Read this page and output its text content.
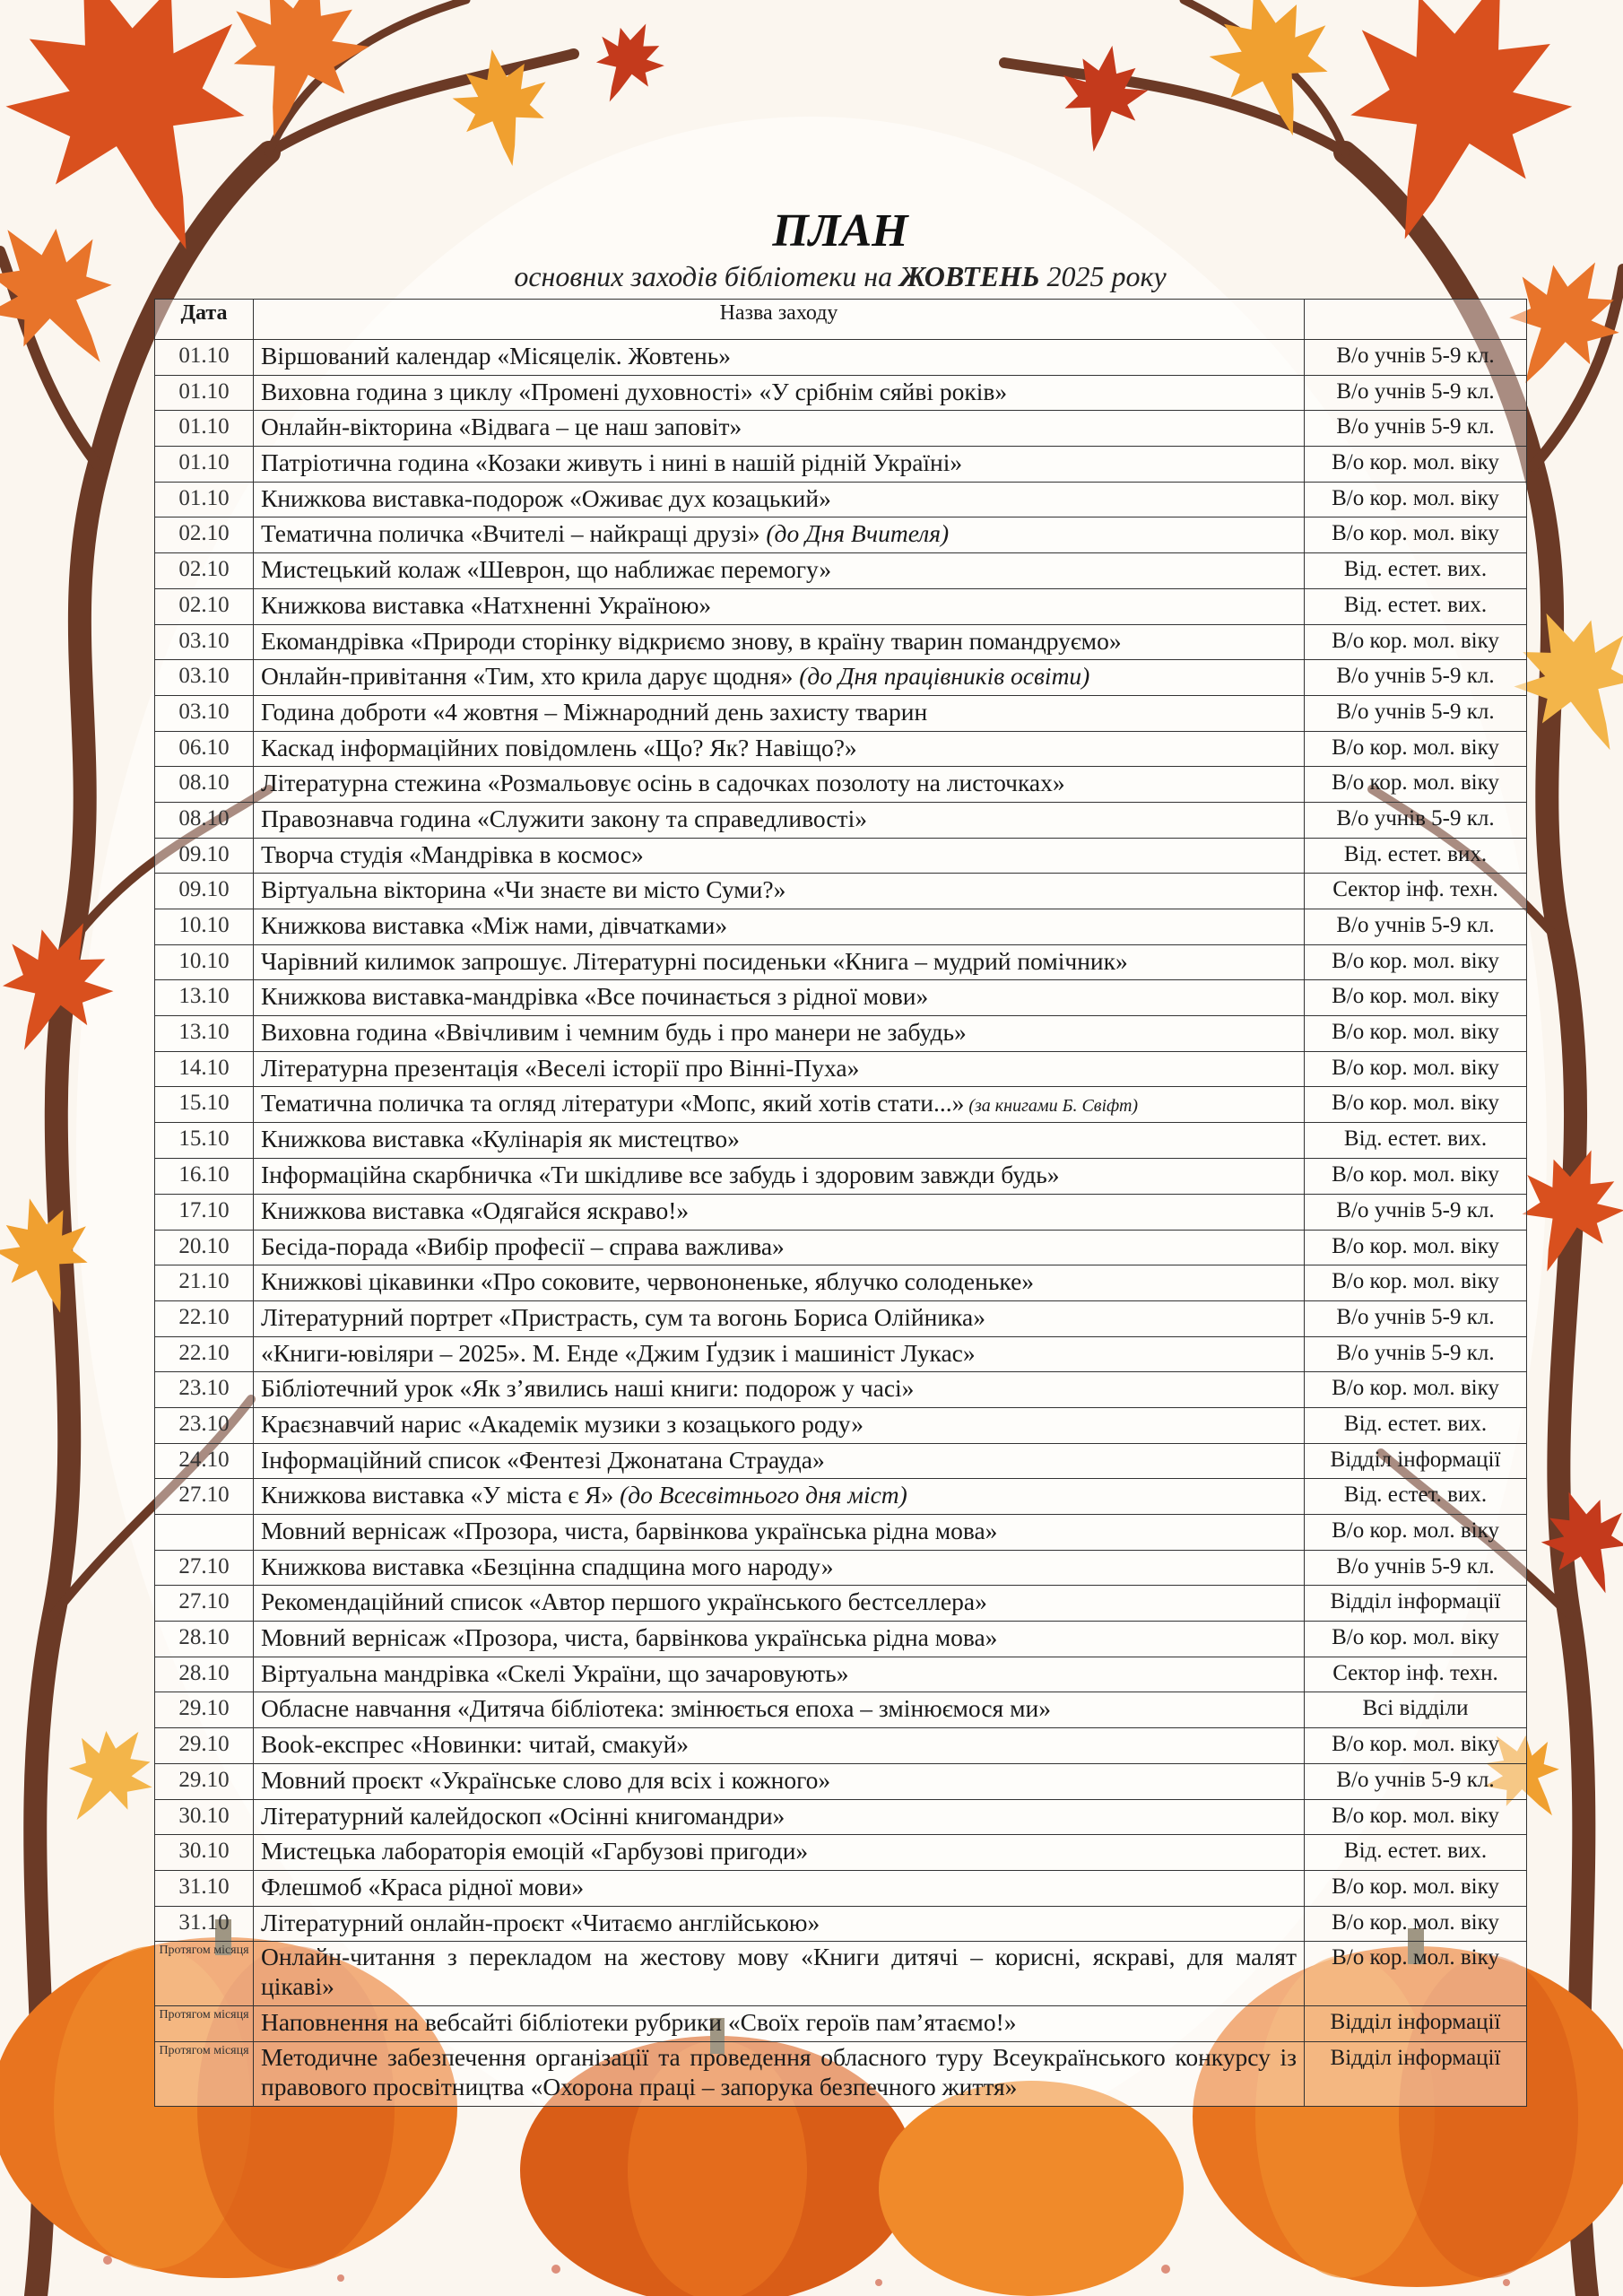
ПЛАН
основних заходів бібліотеки на ЖОВТЕНЬ 2025 року
Дата	Назва заходу	
01.10	Віршований календар «Місяцелік. Жовтень»	В/о учнів 5-9 кл.
01.10	Виховна година з циклу «Промені духовності» «У срібнім сяйві років»	В/о учнів 5-9 кл.
01.10	Онлайн-вікторина «Відвага – це наш заповіт»	В/о учнів 5-9 кл.
01.10	Патріотична година «Козаки живуть і нині в нашій рідній Україні»	В/о кор. мол. віку
01.10	Книжкова виставка-подорож «Оживає дух козацький»	В/о кор. мол. віку
02.10	Тематична поличка «Вчителі – найкращі друзі» (до Дня Вчителя)	В/о кор. мол. віку
02.10	Мистецький колаж «Шеврон, що наближає перемогу»	Від. естет. вих.
02.10	Книжкова виставка «Натхненні Україною»	Від. естет. вих.
03.10	Екомандрівка «Природи сторінку відкриємо знову, в країну тварин помандруємо»	В/о кор. мол. віку
03.10	Онлайн-привітання «Тим, хто крила дарує щодня» (до Дня працівників освіти)	В/о учнів 5-9 кл.
03.10	Година доброти «4 жовтня – Міжнародний день захисту тварин	В/о учнів 5-9 кл.
06.10	Каскад інформаційних повідомлень «Що? Як? Навіщо?»	В/о кор. мол. віку
08.10	Літературна стежина «Розмальовує осінь в садочках позолоту на листочках»	В/о кор. мол. віку
08.10	Правознавча година «Служити закону та справедливості»	В/о учнів 5-9 кл.
09.10	Творча студія «Мандрівка в космос»	Від. естет. вих.
09.10	Віртуальна вікторина «Чи знаєте ви місто Суми?»	Сектор інф. техн.
10.10	Книжкова виставка «Між нами, дівчатками»	В/о учнів 5-9 кл.
10.10	Чарівний килимок запрошує. Літературні посиденьки «Книга – мудрий помічник»	В/о кор. мол. віку
13.10	Книжкова виставка-мандрівка «Все починається з рідної мови»	В/о кор. мол. віку
13.10	Виховна година «Ввічливим і чемним будь і про манери не забудь»	В/о кор. мол. віку
14.10	Літературна презентація «Веселі історії про Вінні-Пуха»	В/о кор. мол. віку
15.10	Тематична поличка та огляд літератури «Мопс, який хотів стати...» (за книгами Б. Свіфт)	В/о кор. мол. віку
15.10	Книжкова виставка «Кулінарія як мистецтво»	Від. естет. вих.
16.10	Інформаційна скарбничка «Ти шкідливе все забудь і здоровим завжди будь»	В/о кор. мол. віку
17.10	Книжкова виставка «Одягайся яскраво!»	В/о учнів 5-9 кл.
20.10	Бесіда-порада «Вибір професії – справа важлива»	В/о кор. мол. віку
21.10	Книжкові цікавинки «Про соковите, червононеньке, яблучко солоденьке»	В/о кор. мол. віку
22.10	Літературний портрет «Пристрасть, сум та вогонь Бориса Олійника»	В/о учнів 5-9 кл.
22.10	«Книги-ювіляри – 2025». М. Енде «Джим Ґудзик і машиніст Лукас»	В/о учнів 5-9 кл.
23.10	Бібліотечний урок «Як з’явились наші книги: подорож у часі»	В/о кор. мол. віку
23.10	Краєзнавчий нарис «Академік музики з козацького роду»	Від. естет. вих.
24.10	Інформаційний список «Фентезі Джонатана Страуда»	Відділ інформації
27.10	Книжкова виставка «У міста є Я» (до Всесвітнього дня міст)	Від. естет. вих.
	Мовний вернісаж «Прозора, чиста, барвінкова українська рідна мова»	В/о кор. мол. віку
27.10	Книжкова виставка «Безцінна спадщина мого народу»	В/о учнів 5-9 кл.
27.10	Рекомендаційний список «Автор першого українського бестселлера»	Відділ інформації
28.10	Мовний вернісаж «Прозора, чиста, барвінкова українська рідна мова»	В/о кор. мол. віку
28.10	Віртуальна мандрівка «Скелі України, що зачаровують»	Сектор інф. техн.
29.10	Обласне навчання «Дитяча бібліотека: змінюється епоха – змінюємося ми»	Всі відділи
29.10	Book-експрес «Новинки: читай, смакуй»	В/о кор. мол. віку
29.10	Мовний проєкт «Українське слово для всіх і кожного»	В/о учнів 5-9 кл.
30.10	Літературний калейдоскоп «Осінні книгомандри»	В/о кор. мол. віку
30.10	Мистецька лабораторія емоцій «Гарбузові пригоди»	Від. естет. вих.
31.10	Флешмоб «Краса рідної мови»	В/о кор. мол. віку
31.10	Літературний онлайн-проєкт «Читаємо англійською»	В/о кор. мол. віку
Протягом місяця	Онлайн-читання з перекладом на жестову мову «Книги дитячі – корисні, яскраві, для малят цікаві»	В/о кор. мол. віку
Протягом місяця	Наповнення на вебсайті бібліотеки рубрики «Своїх героїв пам’ятаємо!»	Відділ інформації
Протягом місяця	Методичне забезпечення організації та проведення обласного туру Всеукраїнського конкурсу із правового просвітництва «Охорона праці – запорука безпечного життя»	Відділ інформації
